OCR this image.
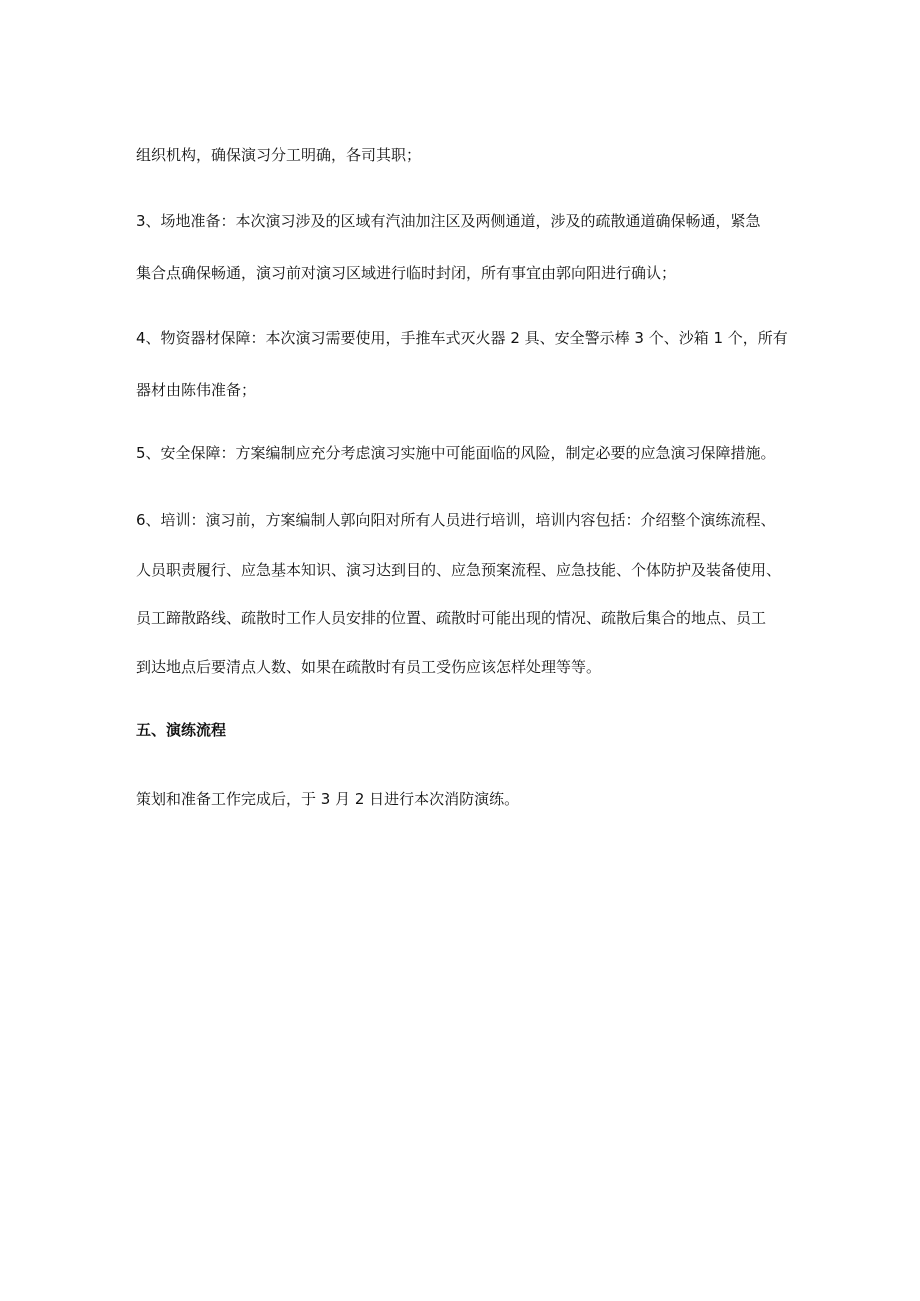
组织机构，确保演习分工明确，各司其职；
3、场地准备：本次演习涉及的区域有汽油加注区及两侧通道，涉及的疏散通道确保畅通，紧急
集合点确保畅通，演习前对演习区域进行临时封闭，所有事宜由郭向阳进行确认；
4、物资器材保障：本次演习需要使用，手推车式灭火器 2 具、安全警示棒 3 个、沙箱 1 个，所有
器材由陈伟准备；
5、安全保障：方案编制应充分考虑演习实施中可能面临的风险，制定必要的应急演习保障措施。
6、培训：演习前，方案编制人郭向阳对所有人员进行培训，培训内容包括：介绍整个演练流程、
人员职责履行、应急基本知识、演习达到目的、应急预案流程、应急技能、个体防护及装备使用、
员工蹄散路线、疏散时工作人员安排的位置、疏散时可能出现的情况、疏散后集合的地点、员工
到达地点后要清点人数、如果在疏散时有员工受伤应该怎样处理等等。
五、演练流程
策划和准备工作完成后，于 3 月 2 日进行本次消防演练。
